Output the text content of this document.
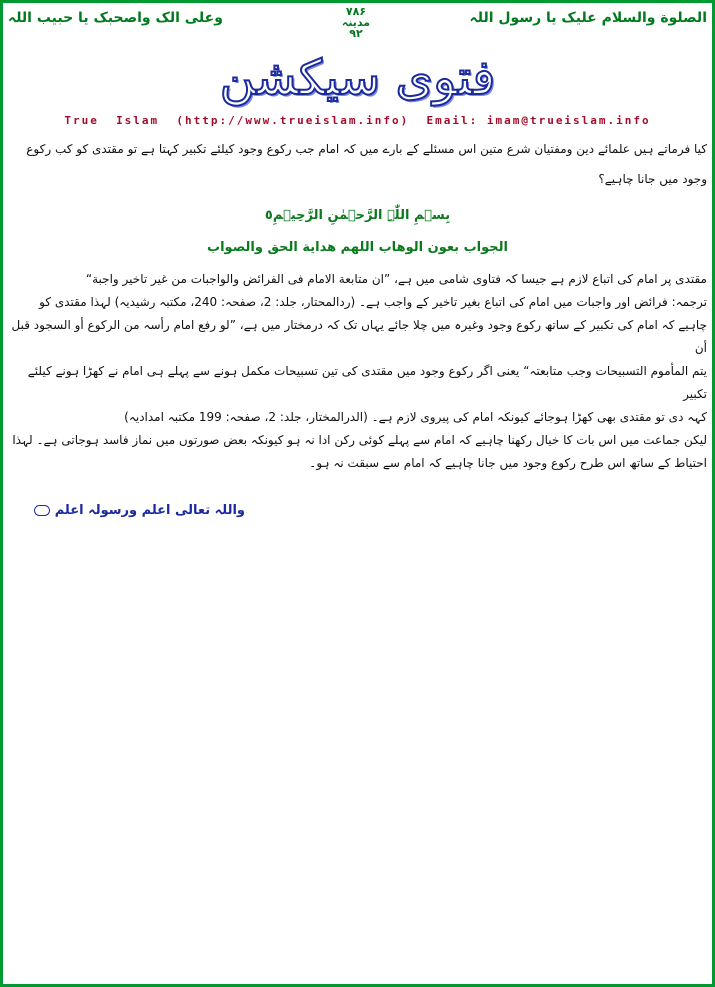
الصلوة والسلام علیک یا رسول اللہ
وعلی الک واصحبک یا حبیب اللہ	۷۸۶
مدینہ
۹۲
فتوی سیکشن
True  Islam  (http://www.trueislam.info)  Email: imam@trueislam.info
کیا فرماتے ہیں علمائے دین ومفتیان شرع متین اس مسئلے کے بارے میں کہ امام جب رکوع وجود کیلئے تکبیر کہتا ہے تو مقتدی کو کب رکوع وجود میں جانا چاہیے؟
بِسۡمِ اللّٰہِ الرَّحۡمٰنِ الرَّحِیۡمِ٥
الجواب بعون الوھاب اللھم ھدایة الحق والصواب

مقتدی پر امام کی اتباع لازم ہے جیسا کہ فتاوی شامی میں ہے، ”ان متابعة الامام فی الفرائض والواجبات من غیر تاخیر واجبة“

ترجمہ: فرائض اور واجبات میں امام کی اتباع بغیر تاخیر کے واجب ہے۔ (ردالمحتار، جلد: 2، صفحہ: 240، مکتبہ رشیدیہ) لہذا مقتدی کو

چاہیے کہ امام کی تکبیر کے ساتھ رکوع وجود وغیرہ میں چلا جائے یہاں تک کہ درمختار میں ہے، ”لو رفع امام رأسہ من الرکوع أو السجود قبل أن

یتم المأموم التسبیحات وجب متابعتہ“ یعنی اگر رکوع وجود میں مقتدی کی تین تسبیحات مکمل ہونے سے پہلے ہی امام نے کھڑا ہونے کیلئے تکبیر

کہہ دی تو مقتدی بھی کھڑا ہوجائے کیونکہ امام کی پیروی لازم ہے۔ (الدرالمختار، جلد: 2، صفحہ: 199 مکتبہ امدادیہ)

لیکن جماعت میں اس بات کا خیال رکھنا چاہیے کہ امام سے پہلے کوئی رکن ادا نہ ہو کیونکہ بعض صورتوں میں نماز فاسد ہوجاتی ہے۔ لہذا

احتیاط کے ساتھ اس طرح رکوع وجود میں جانا چاہیے کہ امام سے سبقت نہ ہو۔

واللہ تعالی اعلم ورسولہ اعلم
